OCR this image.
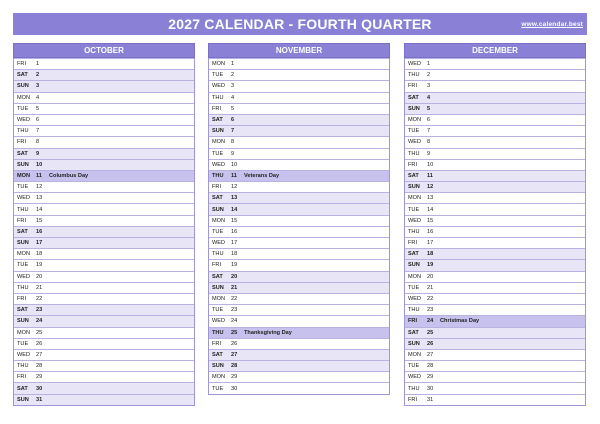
2027 CALENDAR - FOURTH QUARTER	www.calendar.best
OCTOBER
FRI	1
SAT	2
SUN	3
MON	4
TUE	5
WED	6
THU	7
FRI	8
SAT	9
SUN	10
MON	11	Columbus Day
TUE	12
WED	13
THU	14
FRI	15
SAT	16
SUN	17
MON	18
TUE	19
WED	20
THU	21
FRI	22
SAT	23
SUN	24
MON	25
TUE	26
WED	27
THU	28
FRI	29
SAT	30
SUN	31
NOVEMBER
MON	1
TUE	2
WED	3
THU	4
FRI	5
SAT	6
SUN	7
MON	8
TUE	9
WED	10
THU	11	Veterans Day
FRI	12
SAT	13
SUN	14
MON	15
TUE	16
WED	17
THU	18
FRI	19
SAT	20
SUN	21
MON	22
TUE	23
WED	24
THU	25	Thanksgiving Day
FRI	26
SAT	27
SUN	28
MON	29
TUE	30
DECEMBER
WED	1
THU	2
FRI	3
SAT	4
SUN	5
MON	6
TUE	7
WED	8
THU	9
FRI	10
SAT	11
SUN	12
MON	13
TUE	14
WED	15
THU	16
FRI	17
SAT	18
SUN	19
MON	20
TUE	21
WED	22
THU	23
FRI	24	Christmas Day
SAT	25
SUN	26
MON	27
TUE	28
WED	29
THU	30
FRI	31
